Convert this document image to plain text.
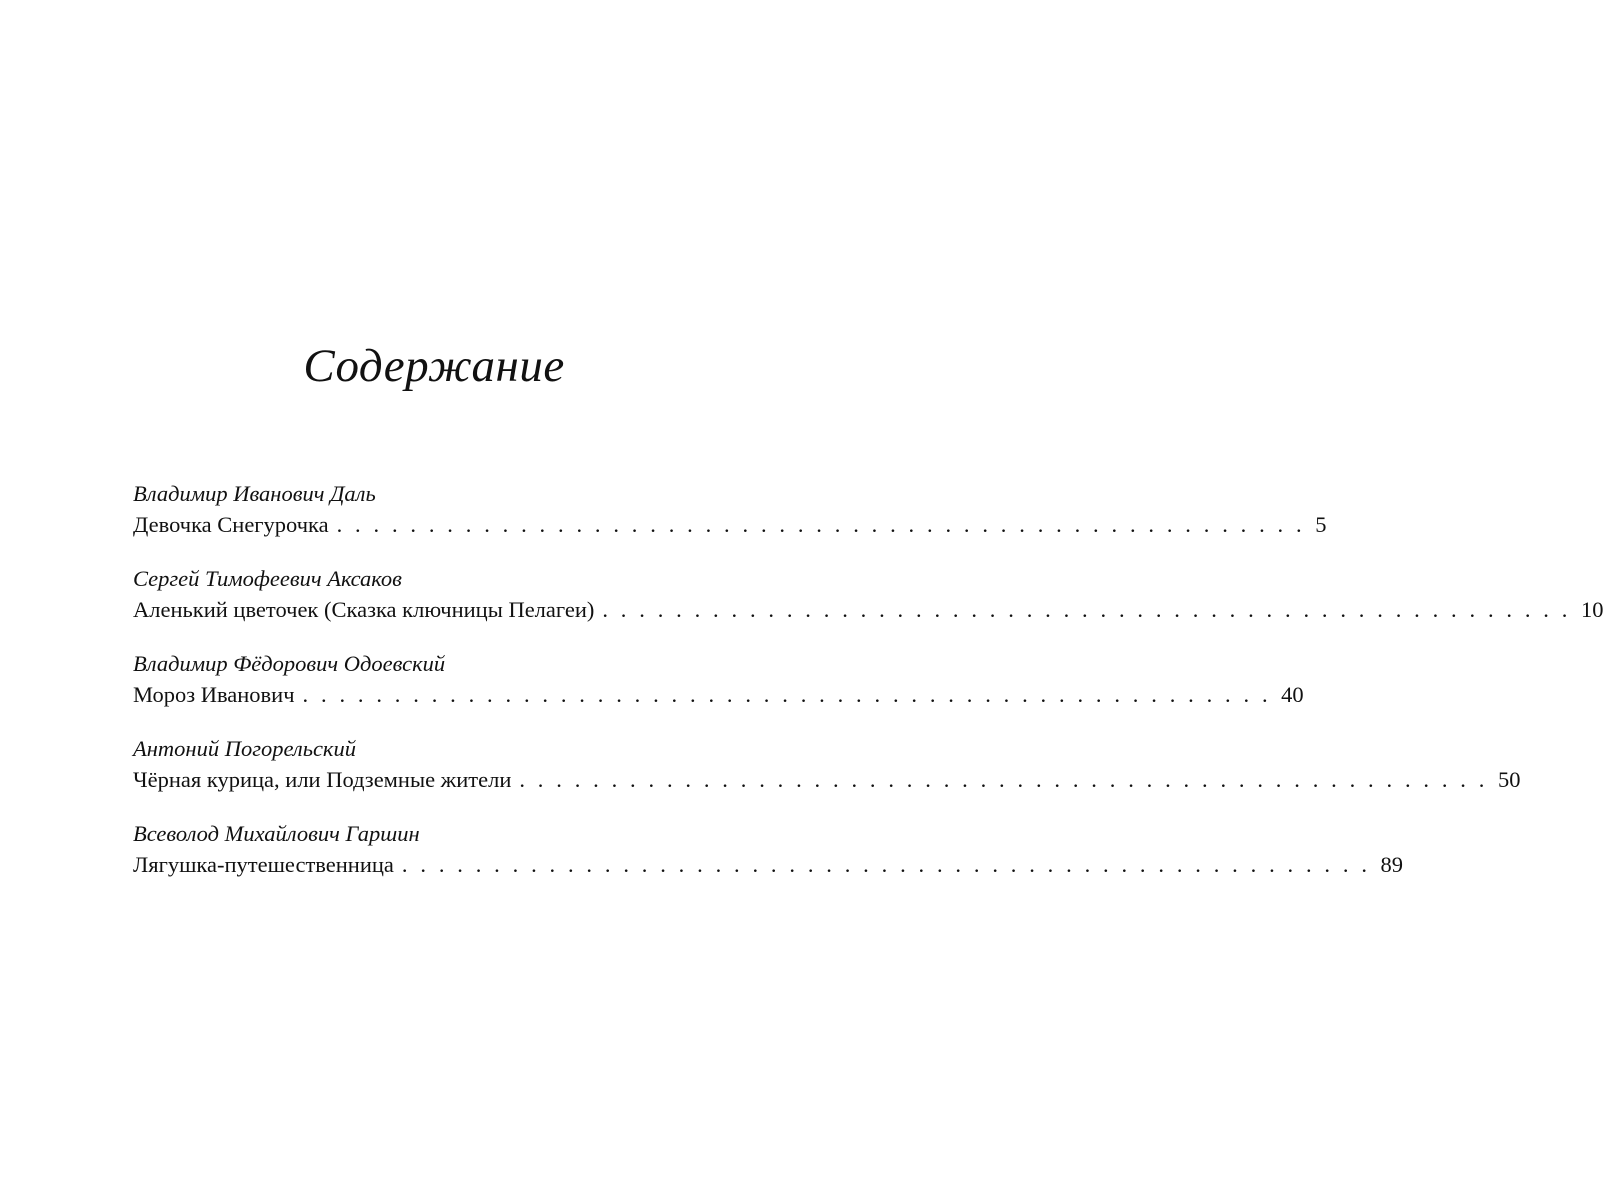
Содержание
Владимир Иванович Даль
Девочка Снегурочка . . . . . . . . . . . . . . . . . . . . . . . . . . . . . . . . . . . . . . . . . . . . . . . . . . . . . 5
Сергей Тимофеевич Аксаков
Аленький цветочек (Сказка ключницы Пелагеи) . . . . . . . . . . . . . . . . . . . . . . . . . . . . . . . . . . . . . . . . . . . . . . . . . . . . . 10
Владимир Фёдорович Одоевский
Мороз Иванович . . . . . . . . . . . . . . . . . . . . . . . . . . . . . . . . . . . . . . . . . . . . . . . . . . . . . 40
Антоний Погорельский
Чёрная курица, или Подземные жители . . . . . . . . . . . . . . . . . . . . . . . . . . . . . . . . . . . . . . . . . . . . . . . . . . . . . 50
Всеволод Михайлович Гаршин
Лягушка-путешественница . . . . . . . . . . . . . . . . . . . . . . . . . . . . . . . . . . . . . . . . . . . . . . . . . . . . . 89
